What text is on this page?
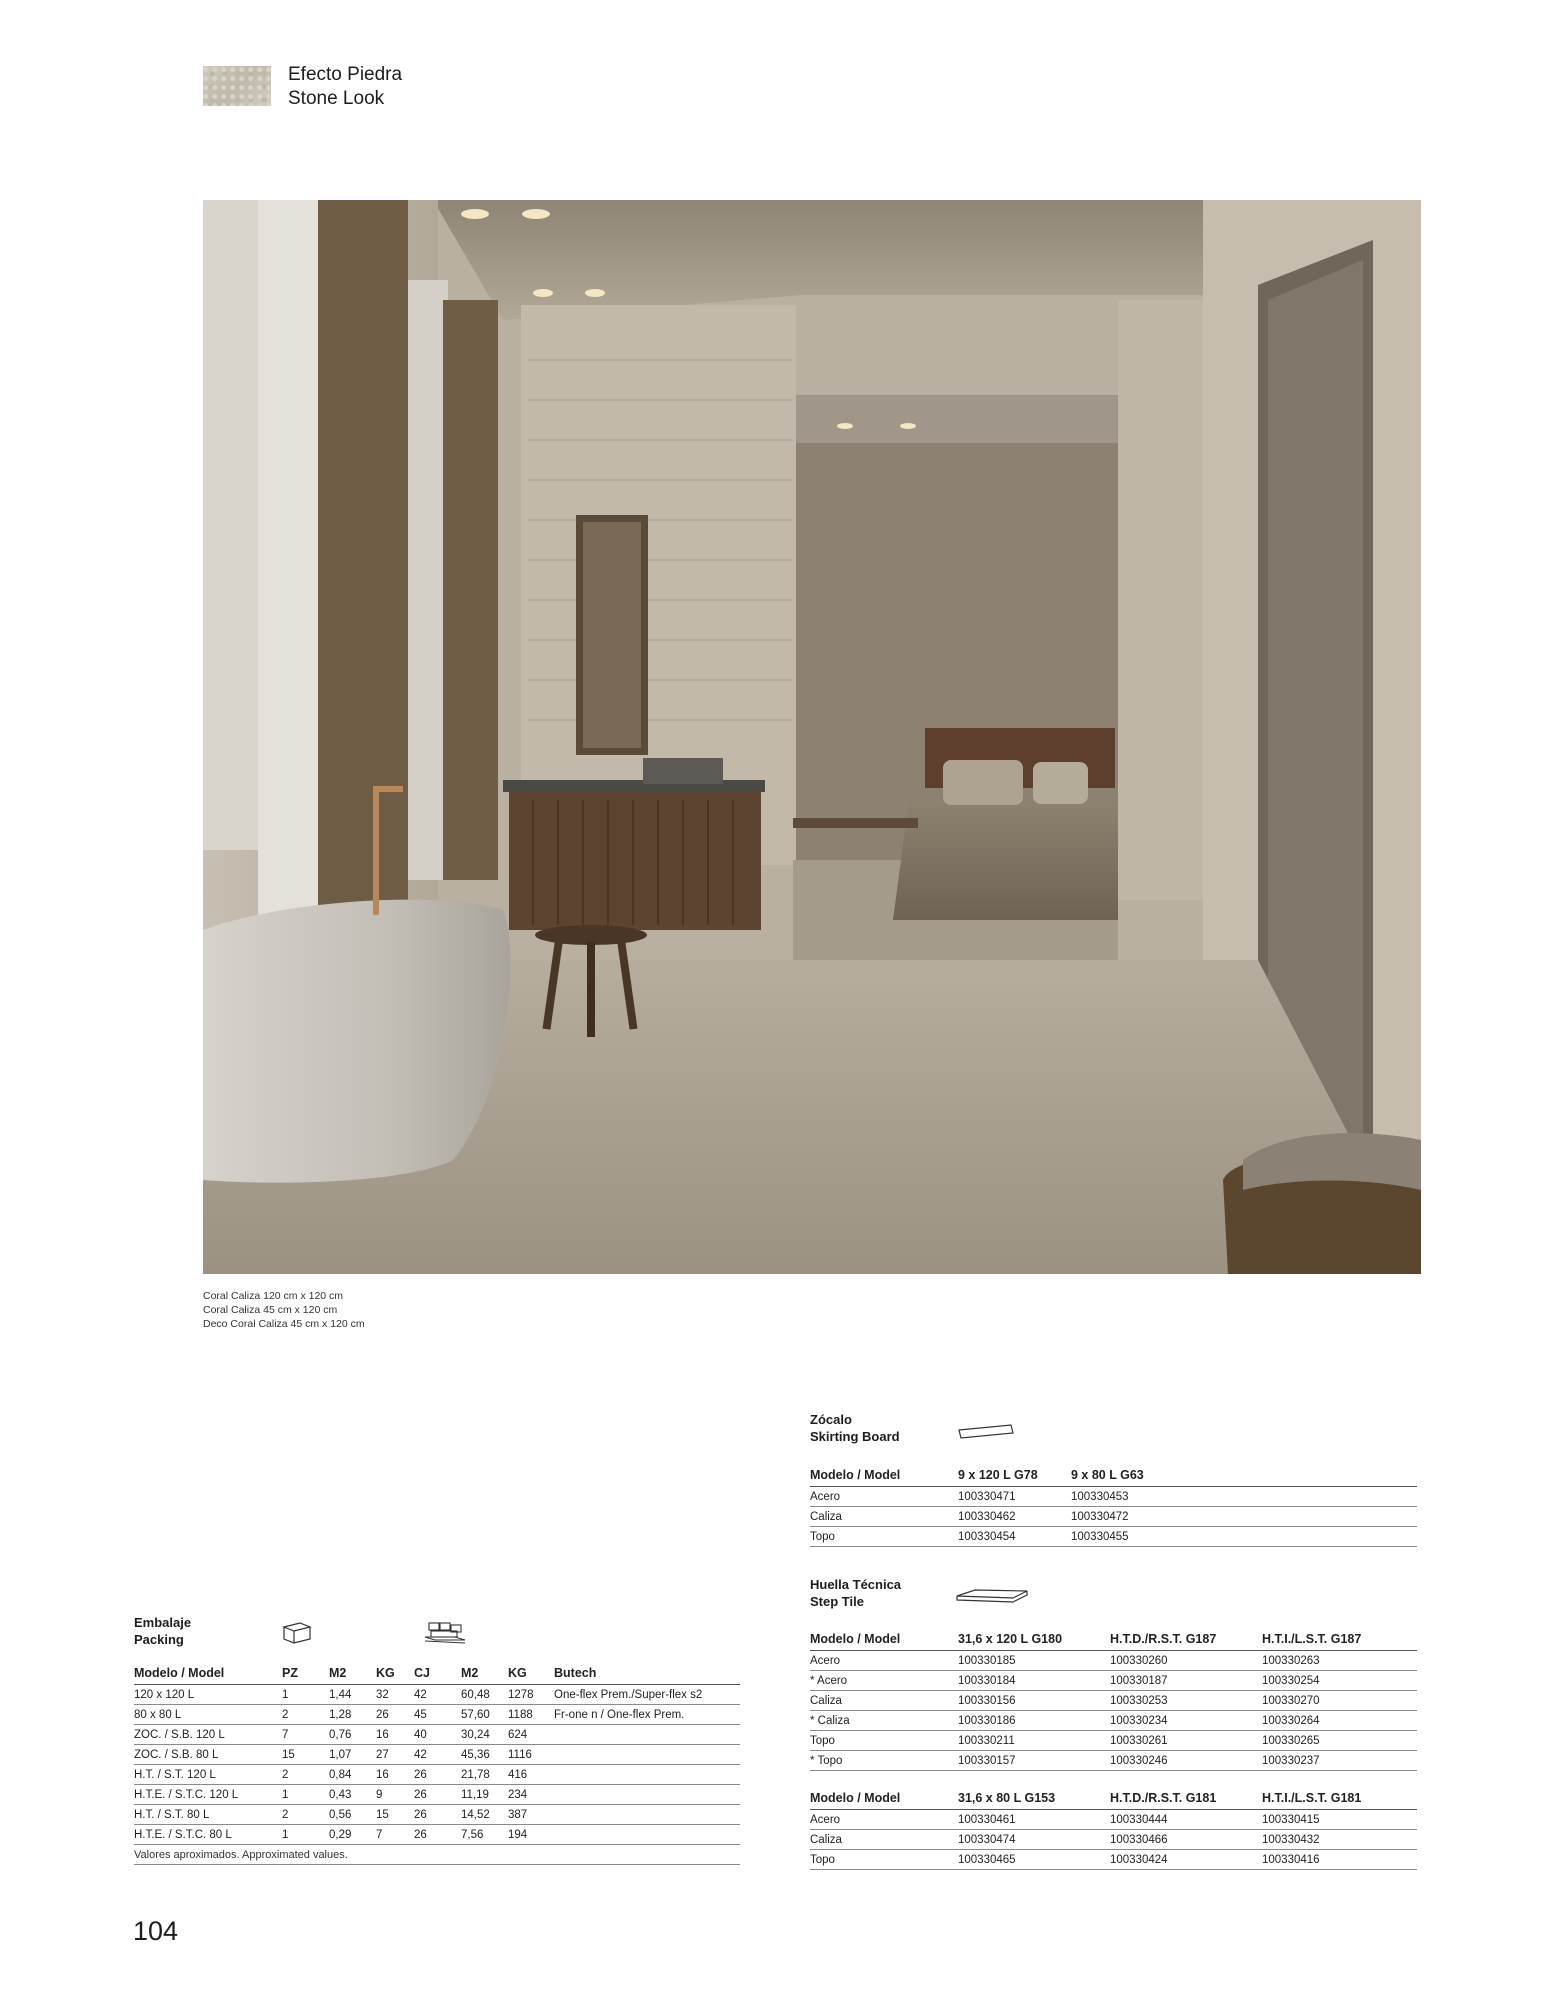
Efecto Piedra
Stone Look
Coral Caliza 120 cm x 120 cm
Coral Caliza 45 cm x 120 cm
Deco Coral Caliza 45 cm x 120 cm
Zócalo
Skirting Board
Modelo / Model	9 x 120 L G78	9 x 80 L G63
Acero	100330471	100330453
Caliza	100330462	100330472
Topo	100330454	100330455
Huella Técnica
Step Tile
Modelo / Model	31,6 x 120 L G180	H.T.D./R.S.T. G187	H.T.I./L.S.T. G187
Acero	100330185	100330260	100330263
* Acero	100330184	100330187	100330254
Caliza	100330156	100330253	100330270
* Caliza	100330186	100330234	100330264
Topo	100330211	100330261	100330265
* Topo	100330157	100330246	100330237
Modelo / Model	31,6 x 80 L G153	H.T.D./R.S.T. G181	H.T.I./L.S.T. G181
Acero	100330461	100330444	100330415
Caliza	100330474	100330466	100330432
Topo	100330465	100330424	100330416
Embalaje
Packing
Modelo / Model	PZ	M2	KG	CJ	M2	KG	Butech
120 x 120 L	1	1,44	32	42	60,48	1278	One-flex Prem./Super-flex s2
80 x 80 L	2	1,28	26	45	57,60	1188	Fr-one n / One-flex Prem.
ZOC. / S.B. 120 L	7	0,76	16	40	30,24	624	
ZOC. / S.B. 80 L	15	1,07	27	42	45,36	1116	
H.T. / S.T. 120 L	2	0,84	16	26	21,78	416	
H.T.E. / S.T.C. 120 L	1	0,43	9	26	11,19	234	
H.T. / S.T. 80 L	2	0,56	15	26	14,52	387	
H.T.E. / S.T.C. 80 L	1	0,29	7	26	7,56	194	
Valores aproximados. Approximated values.							
104
